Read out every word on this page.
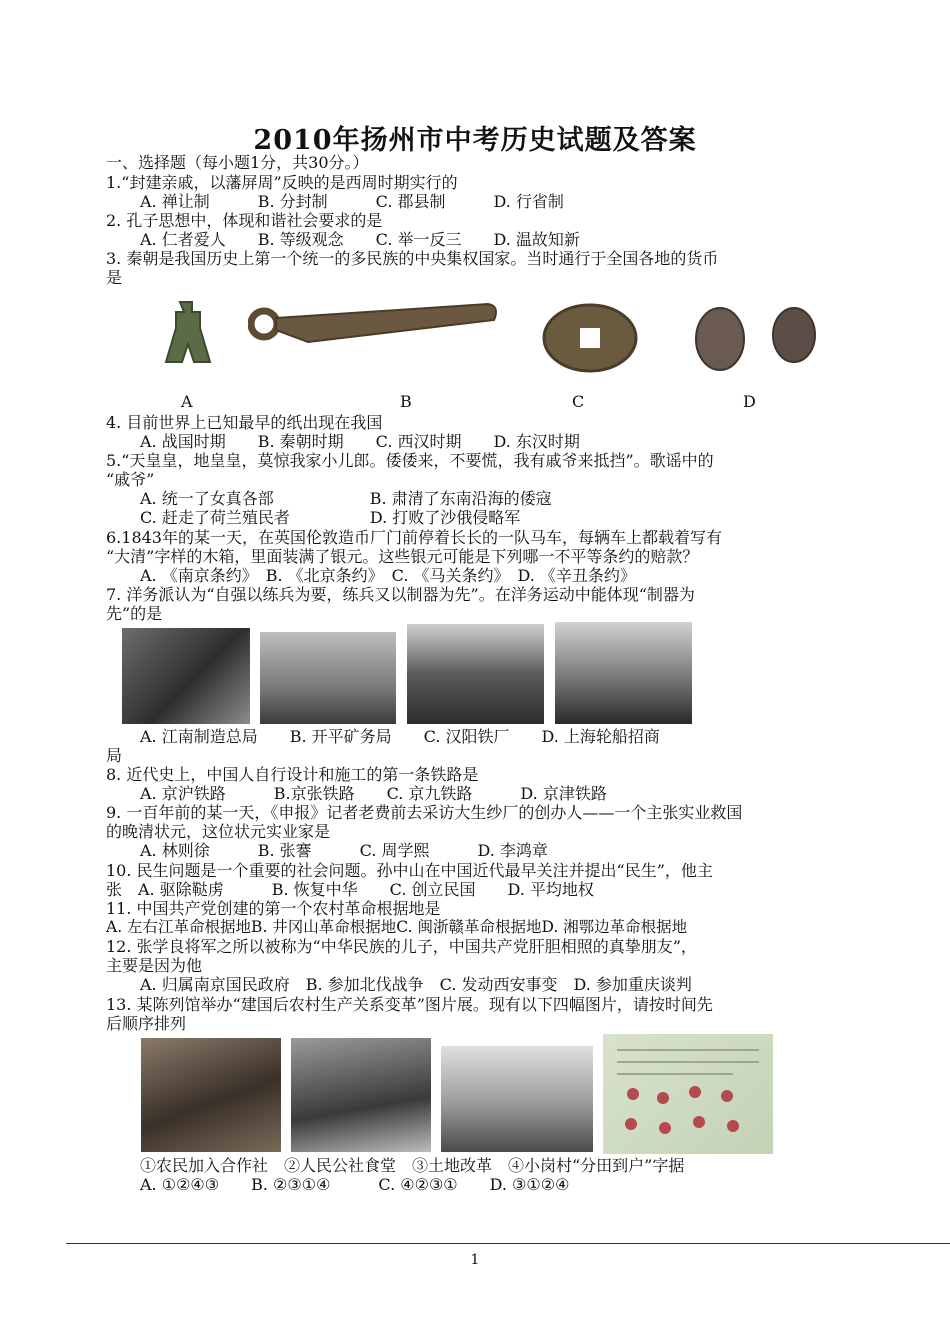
2010年扬州市中考历史试题及答案
一、选择题（每小题1分，共30分。）
1.“封建亲戚，以藩屏周”反映的是西周时期实行的
A. 禅让制　　　B. 分封制　　　C. 郡县制　　　D. 行省制
2. 孔子思想中，体现和谐社会要求的是
A. 仁者爱人　　B. 等级观念　　C. 举一反三　　D. 温故知新
3. 秦朝是我国历史上第一个统一的多民族的中央集权国家。当时通行于全国各地的货币
是
A	B	C	D
4. 目前世界上已知最早的纸出现在我国
A. 战国时期　　B. 秦朝时期　　C. 西汉时期　　D. 东汉时期
5.“天皇皇，地皇皇，莫惊我家小儿郎。倭倭来，不要慌，我有戚爷来抵挡”。歌谣中的
“戚爷”
A. 统一了女真各部　　　　　　B. 肃清了东南沿海的倭寇
C. 赶走了荷兰殖民者　　　　　D. 打败了沙俄侵略军
6.1843年的某一天，在英国伦敦造币厂门前停着长长的一队马车，每辆车上都载着写有
“大清”字样的木箱，里面装满了银元。这些银元可能是下列哪一不平等条约的赔款？
A. 《南京条约》　B. 《北京条约》　C. 《马关条约》　D. 《辛丑条约》
7. 洋务派认为“自强以练兵为要，练兵又以制器为先”。在洋务运动中能体现“制器为
先”的是
A. 江南制造总局　　B. 开平矿务局　　C. 汉阳铁厂　　D. 上海轮船招商
局
8. 近代史上，中国人自行设计和施工的第一条铁路是
A. 京沪铁路　　　B.京张铁路　　C. 京九铁路　　　D. 京津铁路
9. 一百年前的某一天，《申报》记者老费前去采访大生纱厂的创办人——一个主张实业救国
的晚清状元，这位状元实业家是
A. 林则徐　　　B. 张謇　　　C. 周学熙　　　D. 李鸿章
10. 民生问题是一个重要的社会问题。孙中山在中国近代最早关注并提出“民生”，他主
张　A. 驱除鞑虏　　　B. 恢复中华　　C. 创立民国　　D. 平均地权
11. 中国共产党创建的第一个农村革命根据地是
A. 左右江革命根据地B. 井冈山革命根据地C. 闽浙赣革命根据地D. 湘鄂边革命根据地
12. 张学良将军之所以被称为“中华民族的儿子，中国共产党肝胆相照的真挚朋友”，
主要是因为他
A. 归属南京国民政府　B. 参加北伐战争　C. 发动西安事变　D. 参加重庆谈判
13. 某陈列馆举办“建国后农村生产关系变革”图片展。现有以下四幅图片，请按时间先
后顺序排列
①农民加入合作社　②人民公社食堂　③土地改革　④小岗村“分田到户”字据
A. ①②④③　　B. ②③①④　　　C. ④②③①　　D. ③①②④
1
